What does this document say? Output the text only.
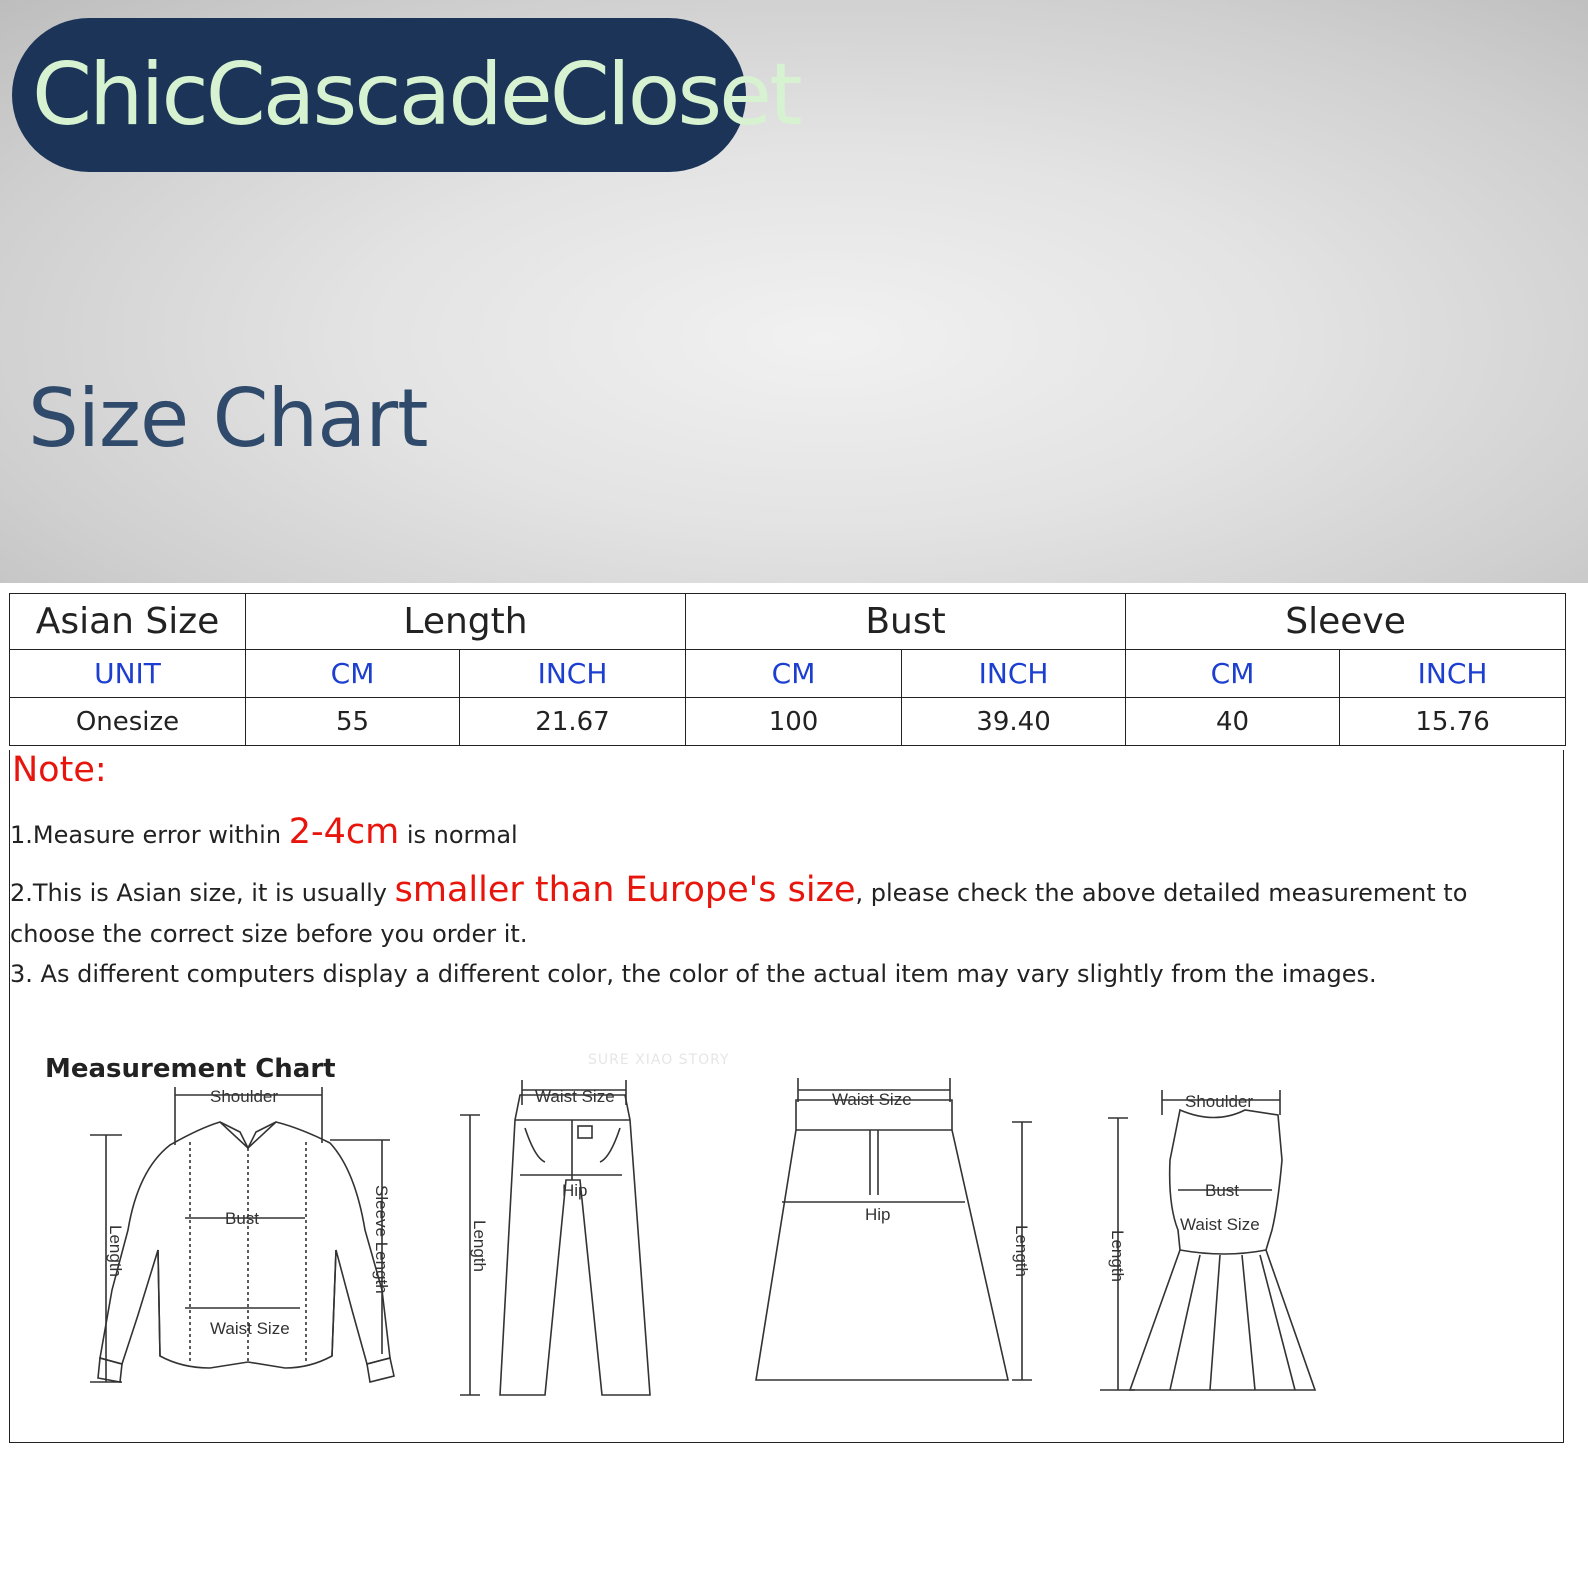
ChicCascadeCloset
Size Chart
Asian Size	Length		Bust		Sleeve	
UNIT	CM	INCH	CM	INCH	CM	INCH
Onesize	55	21.67	100	39.40	40	15.76
Note:
1.Measure error within 2-4cm is normal
2.This is Asian size, it is usually smaller than Europe's size, please check the above detailed measurement to
choose the correct size before you order it.
3. As different computers display a different color, the color of the actual item may vary slightly from the images.
Measurement Chart	SURE XIAO STORY
Shoulder
Bust
Waist Size
Length	Sleeve Length
Waist Size
Hip
Length
Waist Size
Hip
Length
Shoulder
Bust
Waist Size
Length
